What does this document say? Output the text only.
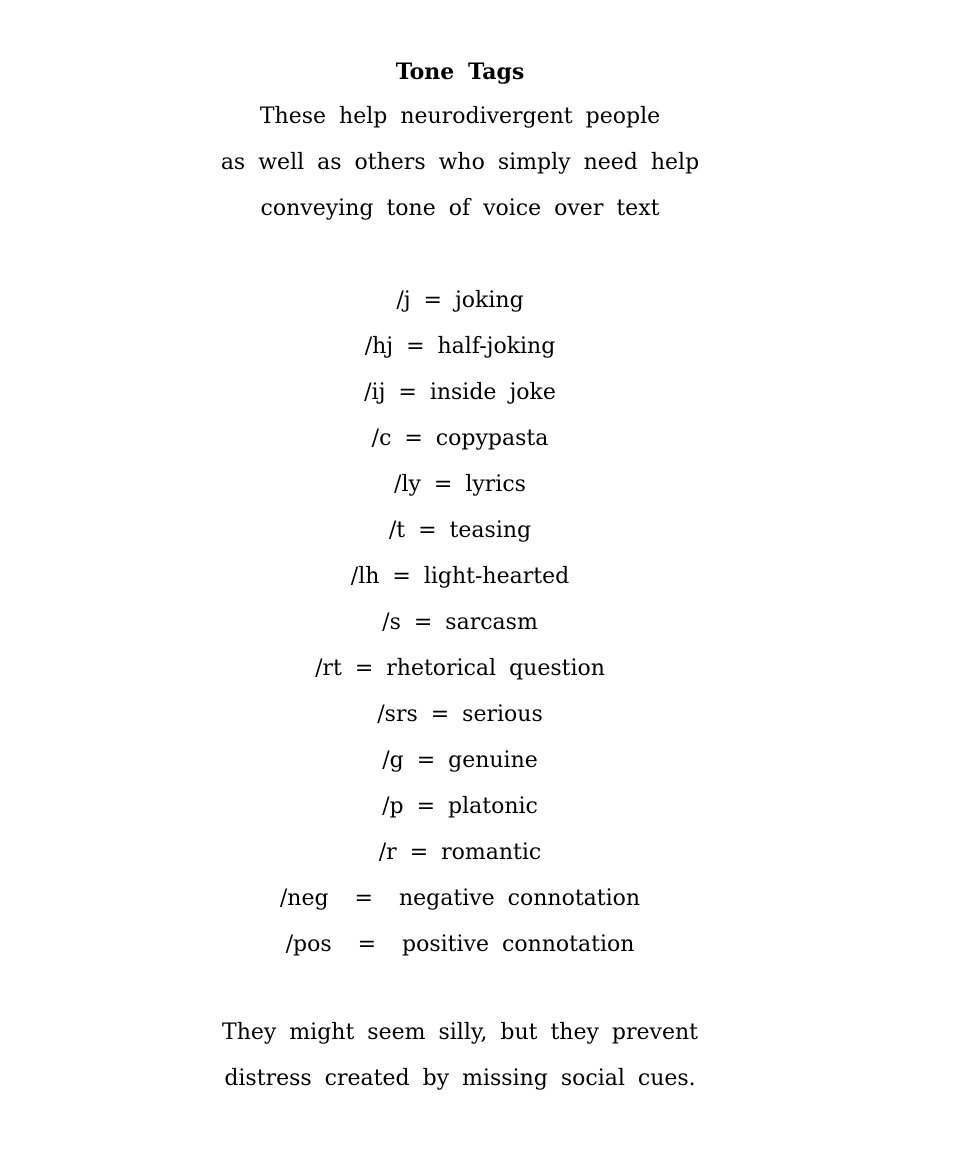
Tone Tags
These help neurodivergent people
as well as others who simply need help
conveying tone of voice over text
/j = joking
/hj = half-joking
/ij = inside joke
/c = copypasta
/ly = lyrics
/t = teasing
/lh = light-hearted
/s = sarcasm
/rt = rhetorical question
/srs = serious
/g = genuine
/p = platonic
/r = romantic
/neg  =  negative connotation
/pos  =  positive connotation
They might seem silly, but they prevent
distress created by missing social cues.
